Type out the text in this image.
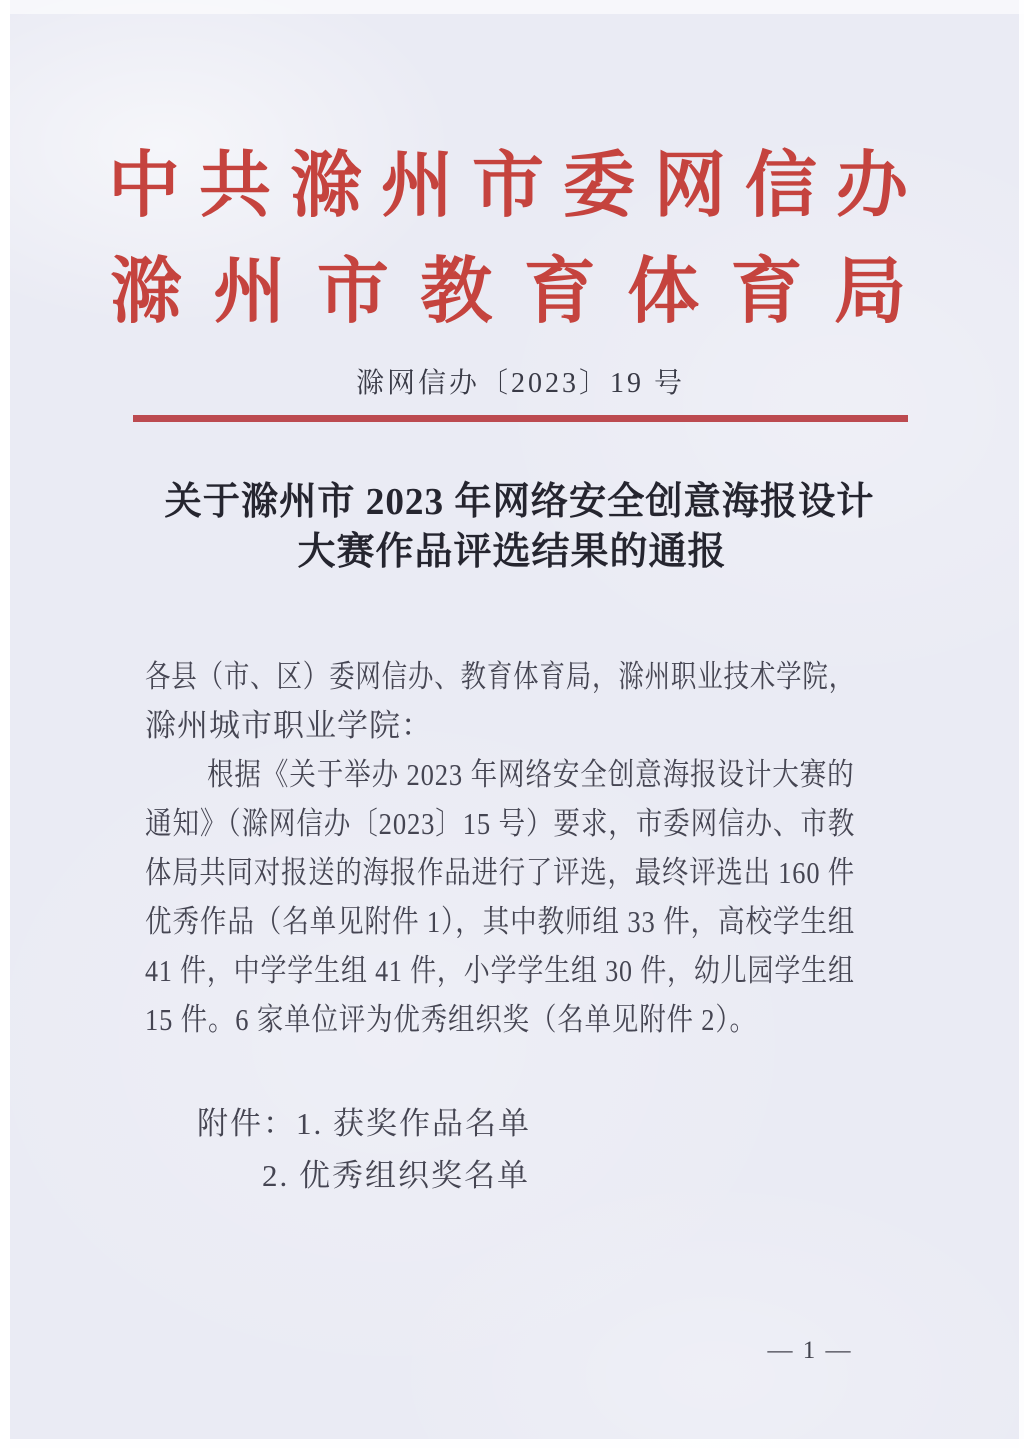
中 共 滁 州 市 委 网 信 办
滁 州 市 教 育 体 育 局
滁网信办〔2023〕19 号
关于滁州市 2023 年网络安全创意海报设计
大赛作品评选结果的通报
各县（市、区）委网信办、教育体育局，滁州职业技术学院，
滁州城市职业学院：
根据《关于举办 2023 年网络安全创意海报设计大赛的
通知》（滁网信办〔2023〕15 号）要求，市委网信办、市教
体局共同对报送的海报作品进行了评选，最终评选出 160 件
优秀作品（名单见附件 1），其中教师组 33 件，高校学生组
41 件，中学学生组 41 件，小学学生组 30 件，幼儿园学生组
15 件。6 家单位评为优秀组织奖（名单见附件 2）。
附件：1. 获奖作品名单
2. 优秀组织奖名单
— 1 —
